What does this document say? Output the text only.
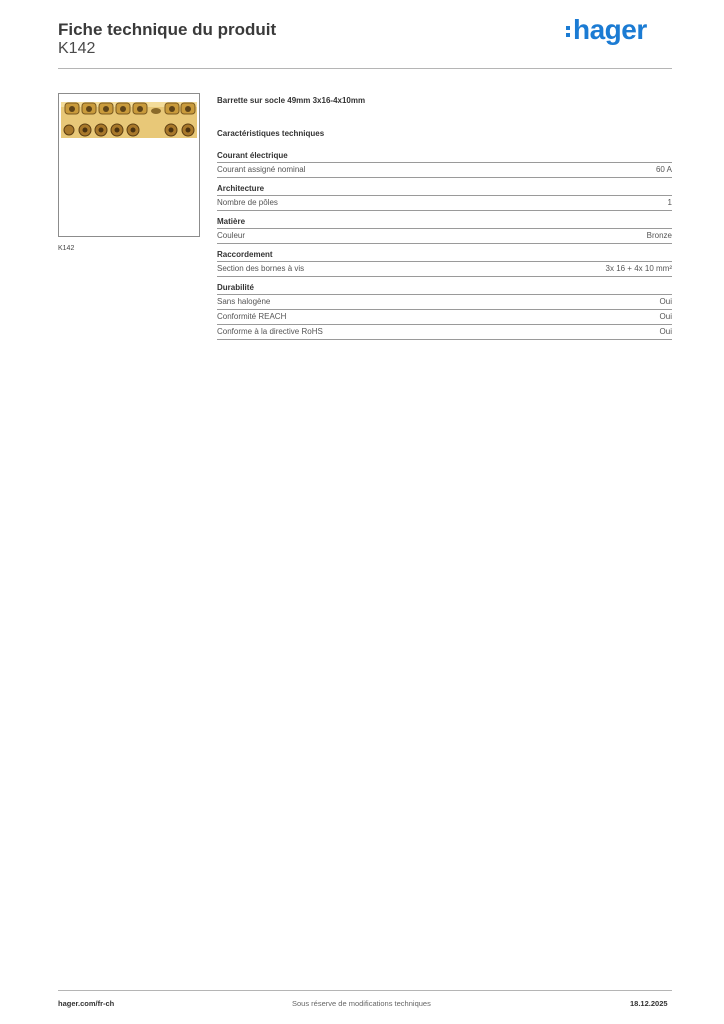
Fiche technique du produit
K142
hager
K142
Barrette sur socle 49mm 3x16-4x10mm
Caractéristiques techniques
Courant électrique
Courant assigné nominal	60 A
Architecture
Nombre de pôles	1
Matière
Couleur	Bronze
Raccordement
Section des bornes à vis	3x 16 + 4x 10 mm²
Durabilité
Sans halogène	Oui
Conformité REACH	Oui
Conforme à la directive RoHS	Oui
hager.com/fr-ch	Sous réserve de modifications techniques	18.12.2025
